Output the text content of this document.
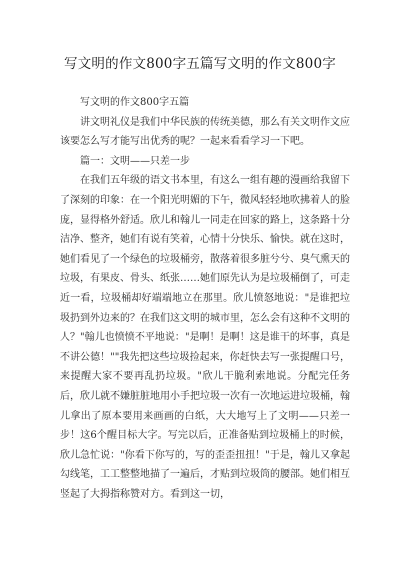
写文明的作文800字五篇写文明的作文800字

写文明的作文800字五篇

讲文明礼仪是我们中华民族的传统美德，那么有关文明作文应该要怎么写才能写出优秀的呢？一起来看看学习一下吧。

篇一：文明——只差一步

在我们五年级的语文书本里，有这么一组有趣的漫画给我留下了深刻的印象：在一个阳光明媚的下午，微风轻轻地吹拂着人的脸庞，显得格外舒适。欣儿和翰儿一同走在回家的路上，这条路十分洁净、整齐，她们有说有笑着，心情十分快乐、愉快。就在这时，她们看见了一个绿色的垃圾桶旁，散落着很多脏兮兮、臭气熏天的垃圾，有果皮、骨头、纸张……她们原先认为是垃圾桶倒了，可走近一看，垃圾桶却好端端地立在那里。欣儿愤怒地说："是谁把垃圾扔到外边来的？在我们这文明的城市里，怎么会有这种不文明的人？"翰儿也愤愤不平地说："是啊！是啊！这是谁干的坏事，真是不讲公德！""我先把这些垃圾捡起来，你赶快去写一张提醒口号，来提醒大家不要再乱扔垃圾。"欣儿干脆利索地说。分配完任务后，欣儿就不嫌脏脏地用小手把垃圾一次有一次地运进垃圾桶，翰儿拿出了原本要用来画画的白纸，大大地写上了文明——只差一步！这6个醒目标大字。写完以后，正准备贴到垃圾桶上的时候，欣儿急忙说："你看下你写的，写的歪歪扭扭！"于是，翰儿又拿起勾线笔，工工整整地描了一遍后，才贴到垃圾筒的腰部。她们相互竖起了大拇指称赞对方。看到这一切，
